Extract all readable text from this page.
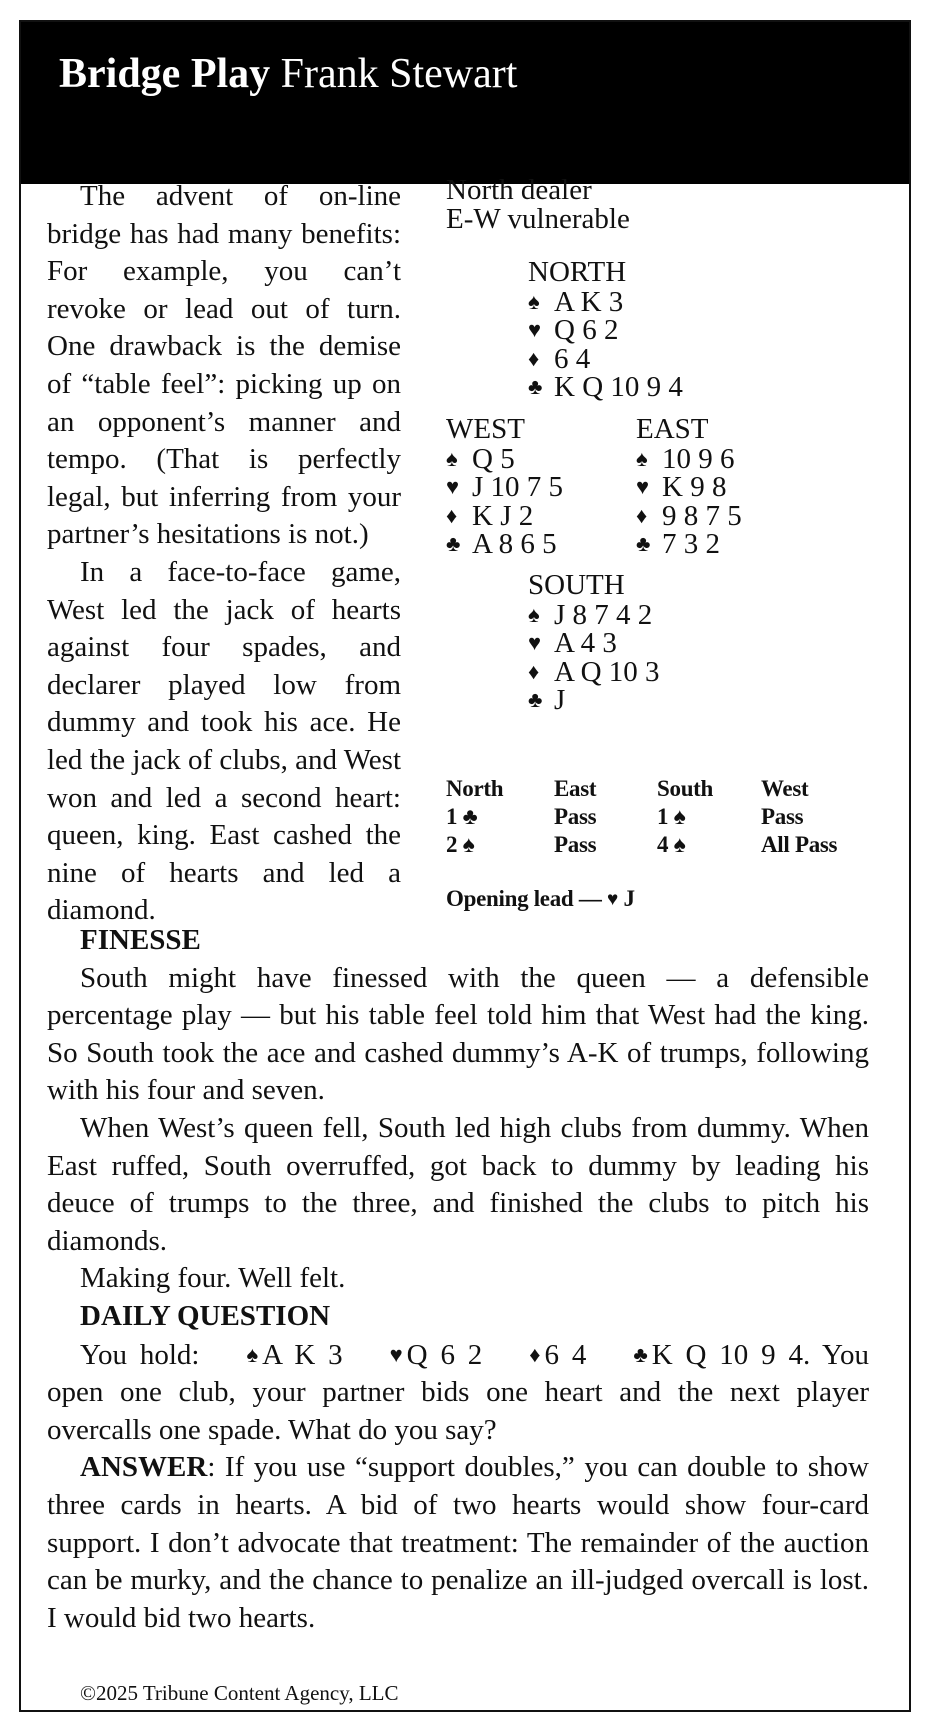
Bridge Play Frank Stewart

The advent of on-line bridge has had many benefits: For example, you can’t revoke or lead out of turn. One drawback is the demise of “table feel”: picking up on an opponent’s manner and tempo. (That is perfectly legal, but inferring from your partner’s hesitations is not.)

In a face-to-face game, West led the jack of hearts against four spades, and declarer played low from dummy and took his ace. He led the jack of clubs, and West won and led a second heart: queen, king. East cashed the nine of hearts and led a diamond.

North dealer
E-W vulnerable
NORTH
♠ A K 3
♥ Q 6 2
♦ 6 4
♣ K Q 10 9 4
WEST
♠ Q 5
♥ J 10 7 5
♦ K J 2
♣ A 8 6 5
EAST
♠ 10 9 6
♥ K 9 8
♦ 9 8 7 5
♣ 7 3 2
SOUTH
♠ J 8 7 4 2
♥ A 4 3
♦ A Q 10 3
♣ J
North East	South West
1 ♣	Pass	1 ♠	Pass
2 ♠	Pass	4 ♠	All Pass
Opening lead — ♥ J
FINESSE

South might have finessed with the queen — a defensible percentage play — but his table feel told him that West had the king. So South took the ace and cashed dummy’s A-K of trumps, following with his four and seven.

When West’s queen fell, South led high clubs from dummy. When East ruffed, South overruffed, got back to dummy by leading his deuce of trumps to the three, and finished the clubs to pitch his diamonds.

Making four. Well felt.

DAILY QUESTION

You hold: ♠ A K 3 ♥ Q 6 2 ♦ 6 4 ♣ K Q 10 9 4. You open one club, your partner bids one heart and the next player overcalls one spade. What do you say?

ANSWER: If you use “support doubles,” you can double to show three cards in hearts. A bid of two hearts would show four-card support. I don’t advocate that treatment: The remainder of the auction can be murky, and the chance to penalize an ill-judged overcall is lost. I would bid two hearts.

©2025 Tribune Content Agency, LLC
